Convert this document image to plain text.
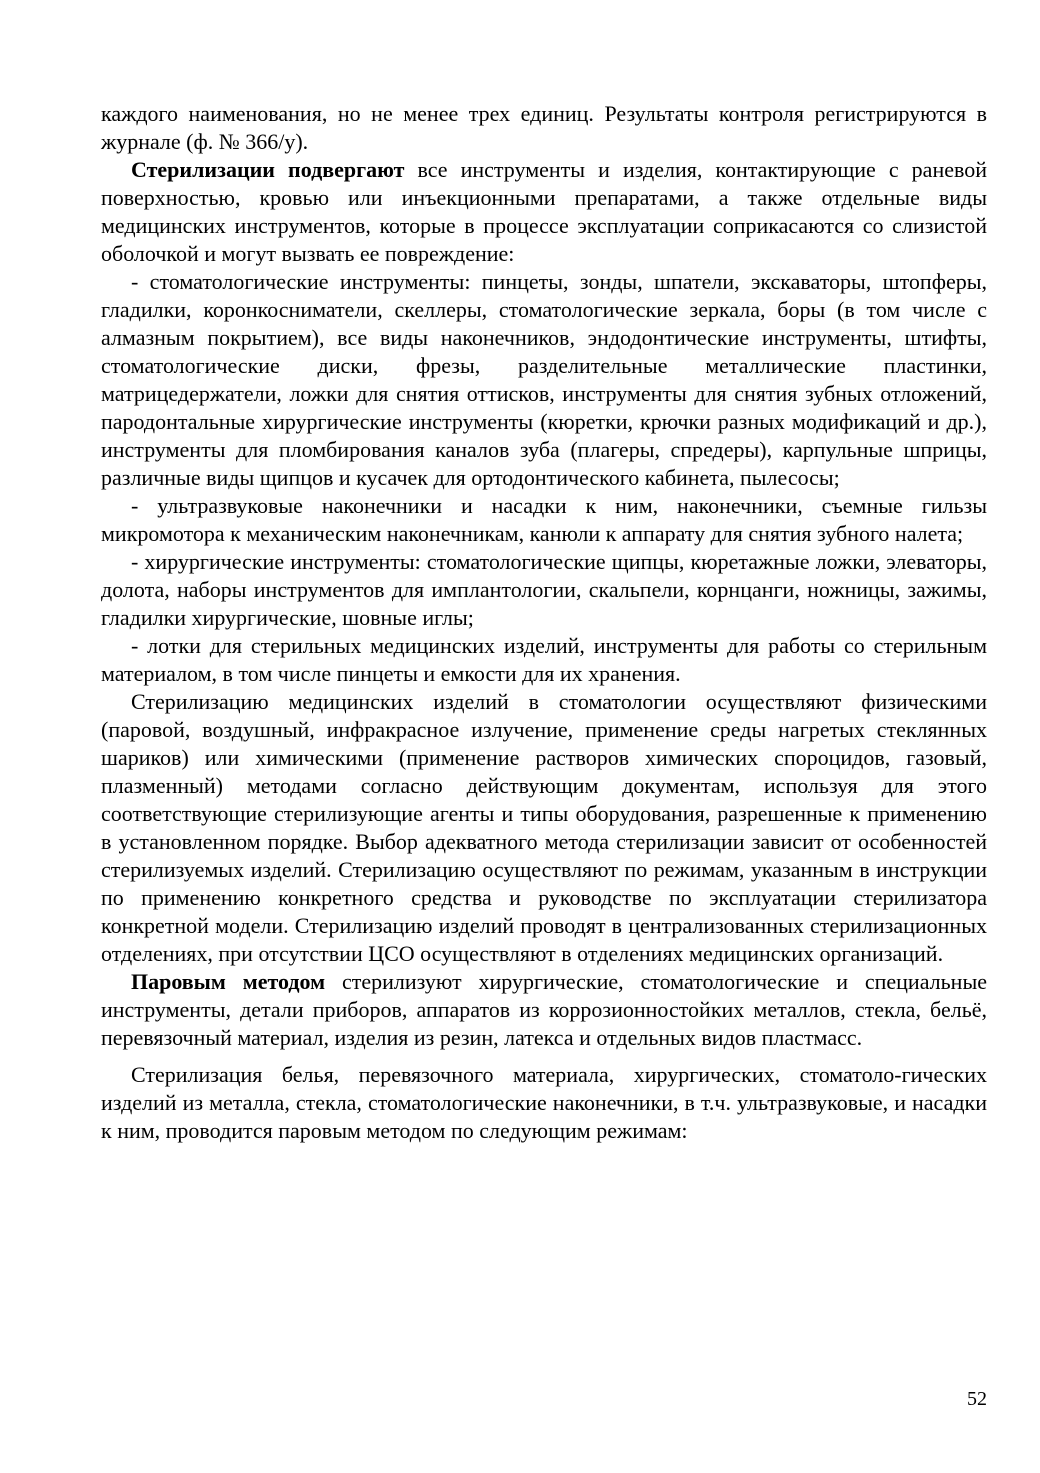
каждого наименования, но не менее трех единиц. Результаты контроля регистрируются в журнале (ф. № 366/у).

Стерилизации подвергают все инструменты и изделия, контактирующие с раневой поверхностью, кровью или инъекционными препаратами, а также отдельные виды медицинских инструментов, которые в процессе эксплуатации соприкасаются со слизистой оболочкой и могут вызвать ее повреждение:

- стоматологические инструменты: пинцеты, зонды, шпатели, экскаваторы, штопферы, гладилки, коронкосниматели, скеллеры, стоматологические зеркала, боры (в том числе с алмазным покрытием), все виды наконечников, эндодонтические инструменты, штифты, стоматологические диски, фрезы, разделительные металлические пластинки, матрицедержатели, ложки для снятия оттисков, инструменты для снятия зубных отложений, пародонтальные хирургические инструменты (кюретки, крючки разных модификаций и др.), инструменты для пломбирования каналов зуба (плагеры, спредеры), карпульные шприцы, различные виды щипцов и кусачек для ортодонтического кабинета, пылесосы;

- ультразвуковые наконечники и насадки к ним, наконечники, съемные гильзы микромотора к механическим наконечникам, канюли к аппарату для снятия зубного налета;

- хирургические инструменты: стоматологические щипцы, кюретажные ложки, элеваторы, долота, наборы инструментов для имплантологии, скальпели, корнцанги, ножницы, зажимы, гладилки хирургические, шовные иглы;

- лотки для стерильных медицинских изделий, инструменты для работы со стерильным материалом, в том числе пинцеты и емкости для их хранения.

Стерилизацию медицинских изделий в стоматологии осуществляют физическими (паровой, воздушный, инфракрасное излучение, применение среды нагретых стеклянных шариков) или химическими (применение растворов химических спороцидов, газовый, плазменный) методами согласно действующим документам, используя для этого соответствующие стерилизующие агенты и типы оборудования, разрешенные к применению в установленном порядке. Выбор адекватного метода стерилизации зависит от особенностей стерилизуемых изделий. Стерилизацию осуществляют по режимам, указанным в инструкции по применению конкретного средства и руководстве по эксплуатации стерилизатора конкретной модели. Стерилизацию изделий проводят в централизованных стерилизационных отделениях, при отсутствии ЦСО осуществляют в отделениях медицинских организаций.

Паровым методом стерилизуют хирургические, стоматологические и специальные инструменты, детали приборов, аппаратов из коррозионностойких металлов, стекла, бельё, перевязочный материал, изделия из резин, латекса и отдельных видов пластмасс.

Стерилизация белья, перевязочного материала, хирургических, стоматоло-гических изделий из металла, стекла, стоматологические наконечники, в т.ч. ультразвуковые, и насадки к ним, проводится паровым методом по следующим режимам:

52
